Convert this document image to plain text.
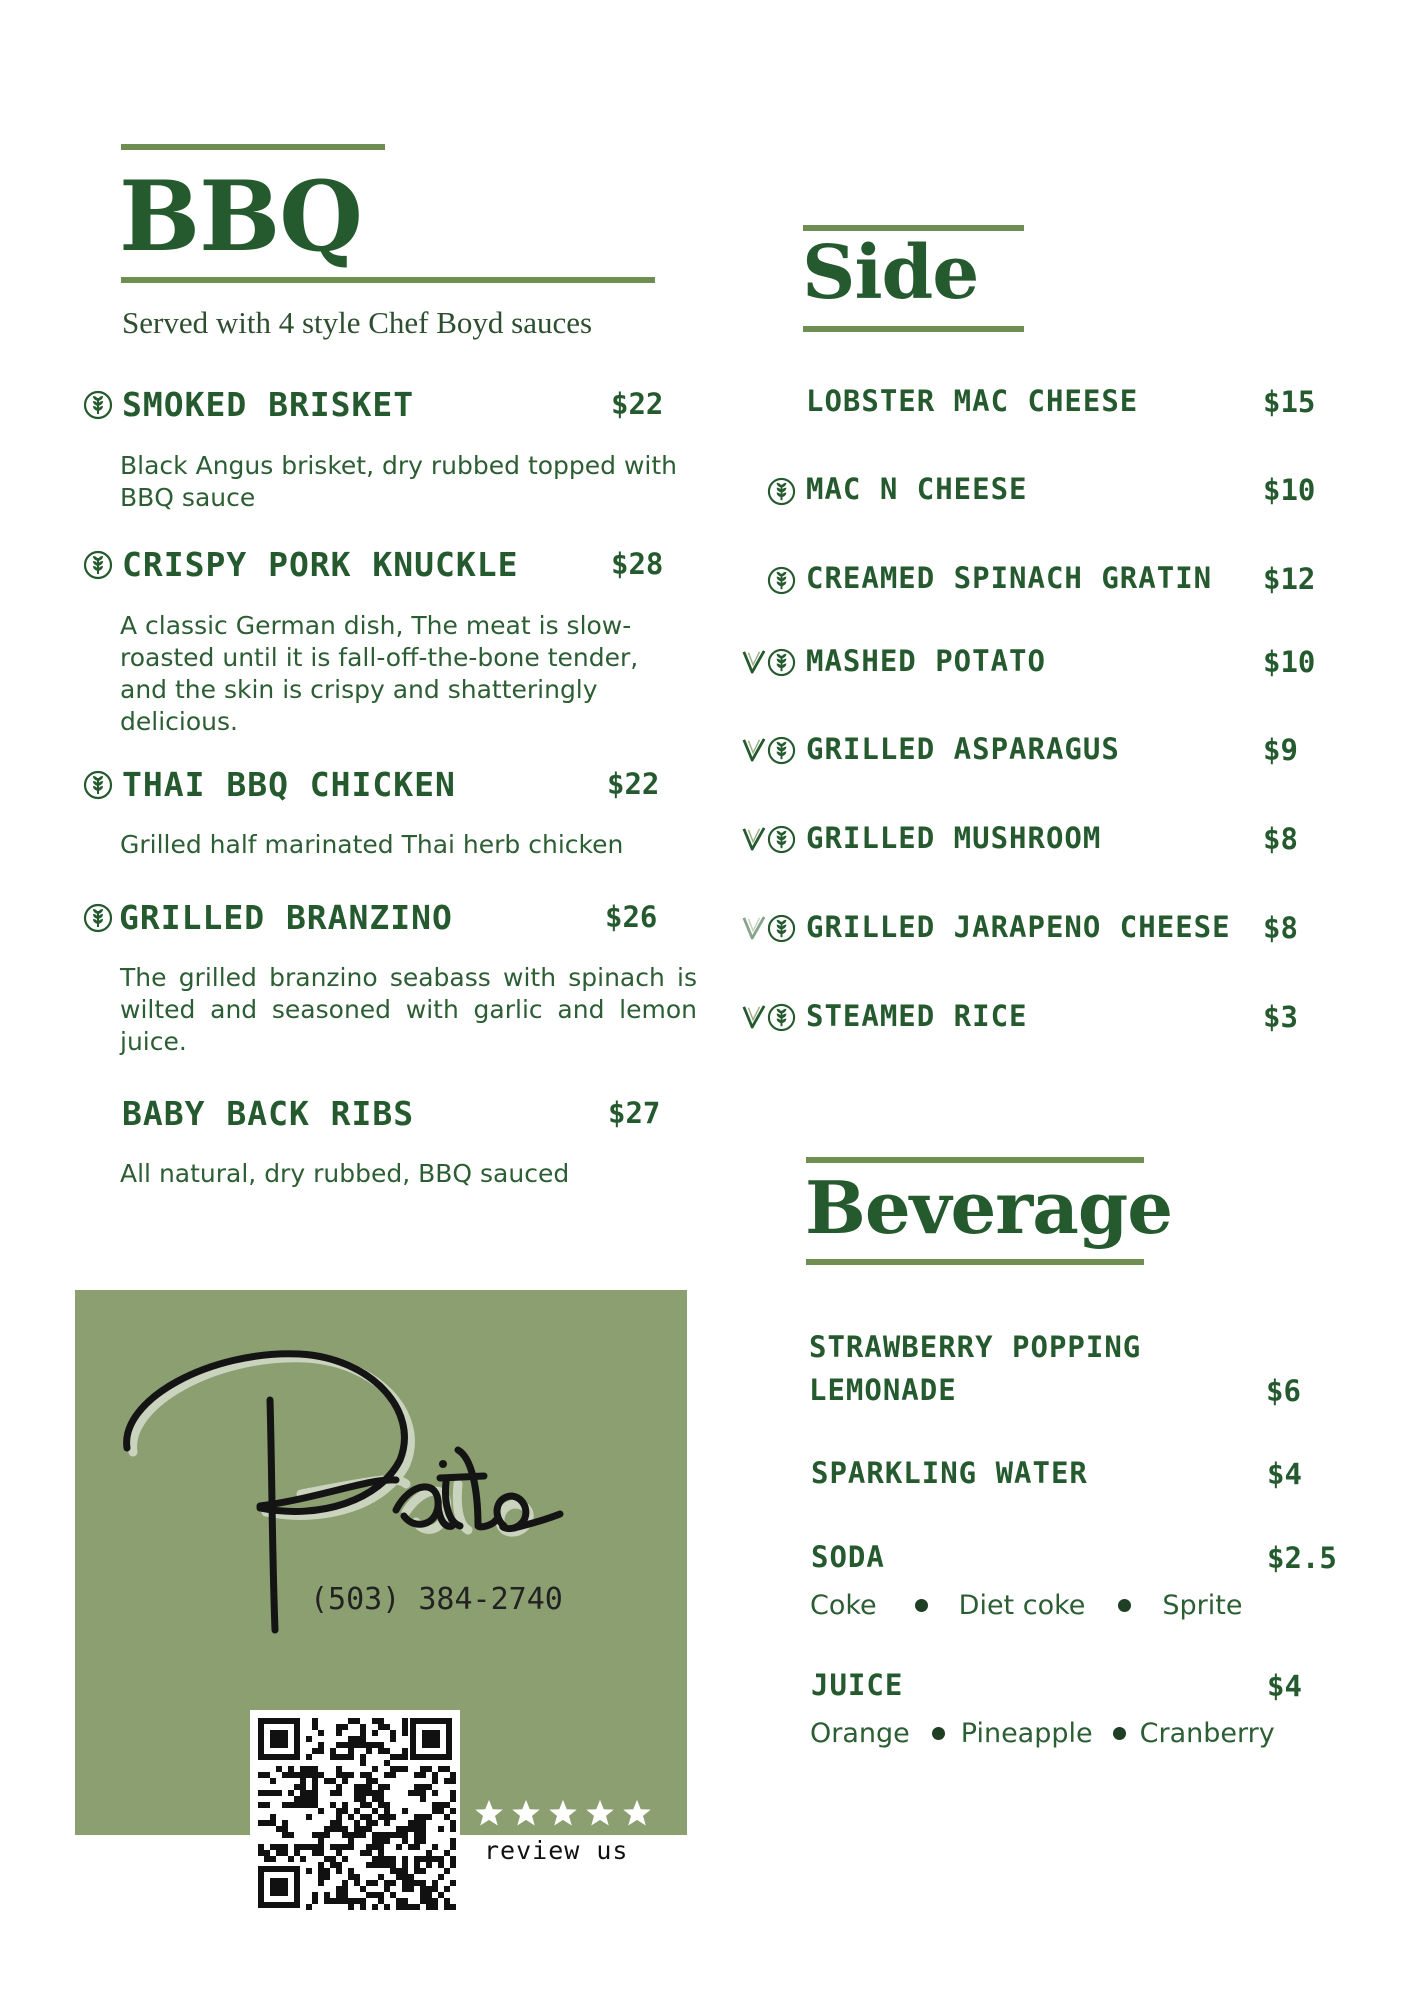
BBQ
Served with 4 style Chef Boyd sauces
SMOKED BRISKET	$22
Black Angus brisket, dry rubbed topped with BBQ sauce
CRISPY PORK KNUCKLE	$28
A classic German dish, The meat is slow-roasted until it is fall-off-the-bone tender, and the skin is crispy and shatteringly delicious.
THAI BBQ CHICKEN	$22
Grilled half marinated Thai herb chicken
GRILLED BRANZINO	$26
The grilled branzino seabass with spinach is wilted and seasoned with garlic and lemon juice.
BABY BACK RIBS	$27
All natural, dry rubbed, BBQ sauced
Side
LOBSTER MAC CHEESE	$15
MAC N CHEESE	$10
CREAMED SPINACH GRATIN $12
MASHED POTATO	$10
GRILLED ASPARAGUS	$9
GRILLED MUSHROOM	$8
GRILLED JARAPENO CHEESE $8
STEAMED RICE	$3
Beverage
STRAWBERRY POPPING
LEMONADE	$6
SPARKLING WATER	$4
SODA	$2.5
Coke	Diet coke	Sprite
JUICE	$4
Orange Pineapple Cranberry
(503) 384-2740
review us
